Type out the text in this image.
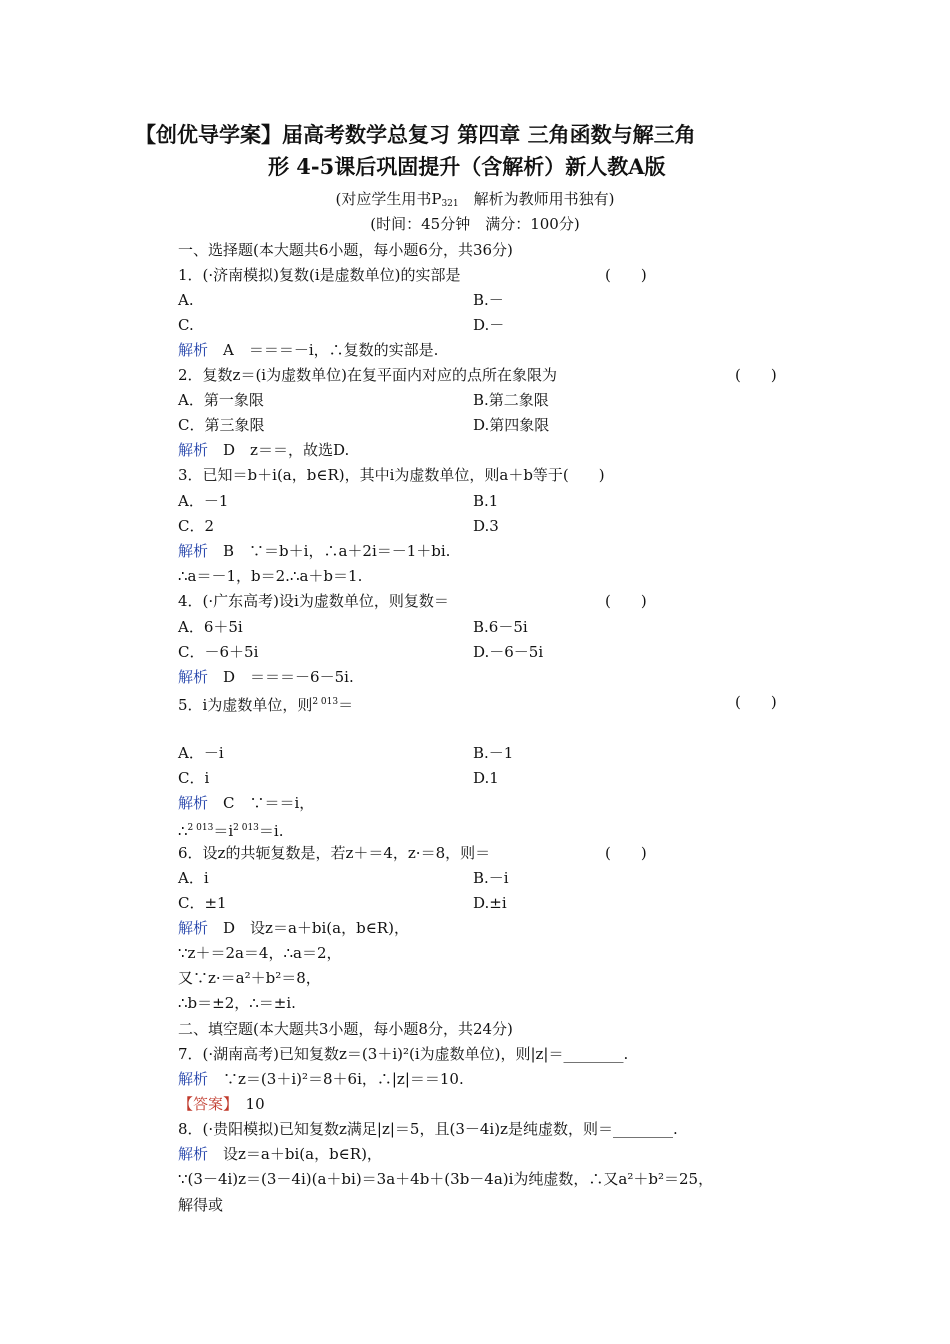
【创优导学案】届高考数学总复习 第四章 三角函数与解三角
形 4-5课后巩固提升（含解析）新人教A版
(对应学生用书$P_{321}$　解析为教师用书独有)
(时间：45分钟　满分：100分)
一、选择题(本大题共6小题，每小题6分，共36分)
1．(·济南模拟)复数(i是虚数单位)的实部是	(　　)
A.	B.－
C.	D.－
解析　 A　＝＝＝－i，∴复数的实部是.
2．复数z＝(i为虚数单位)在复平面内对应的点所在象限为	(　　)
A．第一象限	B.第二象限
C．第三象限	D.第四象限
解析　 D　z＝＝，故选D.
3．已知＝b＋i(a，b∈R)，其中i为虚数单位，则a＋b等于(　　)
A．－1	B.1
C．2	D.3
解析　 B　∵＝b＋i，∴a＋2i＝－1＋bi.
∴a＝－1，b＝2.∴a＋b＝1.
4．(·广东高考)设i为虚数单位，则复数＝	(　　)
A．6＋5i	B.6－5i
C．－6＋5i	D.－6－5i
解析　 D　＝＝＝－6－5i.
5．i为虚数单位，则$^{2 013}$＝	(　　)
A．－i	B.－1
C．i	D.1
解析　 C　∵＝＝i，
$\therefore^{2 013}=i^{2 013}=i$.
6．设z的共轭复数是，若z＋＝4，z·＝8，则＝	(　　)
A．i	B.－i
C．±1	D.±i
解析　 D　设z＝a＋bi(a，b∈R)，
∵z＋＝2a＝4，∴a＝2，
又∵z·＝a²＋b²＝8，
∴b＝±2，∴＝±i.
二、填空题(本大题共3小题，每小题8分，共24分)
7．(·湖南高考)已知复数z＝(3＋i)²(i为虚数单位)，则|z|＝________.
解析　 ∵z＝(3＋i)²＝8＋6i，∴|z|＝＝10.
【答案】　 10
8．(·贵阳模拟)已知复数z满足|z|＝5，且(3－4i)z是纯虚数，则＝________.
解析　 设z＝a＋bi(a，b∈R)，
∵(3－4i)z＝(3－4i)(a＋bi)＝3a＋4b＋(3b－4a)i为纯虚数，∴又a²＋b²＝25，
解得或
